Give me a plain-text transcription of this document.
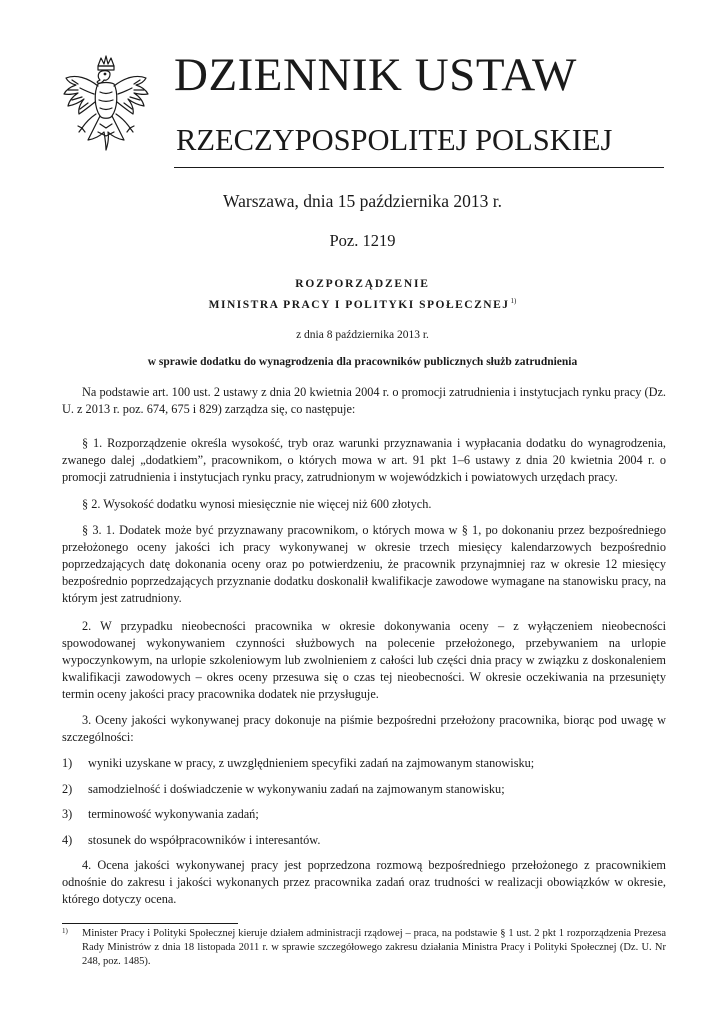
DZIENNIK USTAW
RZECZYPOSPOLITEJ POLSKIEJ
Warszawa, dnia 15 października 2013 r.
Poz. 1219
ROZPORZĄDZENIE
MINISTRA PRACY I POLITYKI SPOŁECZNEJ$^{1)}$
z dnia 8 października 2013 r.
w sprawie dodatku do wynagrodzenia dla pracowników publicznych służb zatrudnienia

Na podstawie art. 100 ust. 2 ustawy z dnia 20 kwietnia 2004 r. o promocji zatrudnienia i instytucjach rynku pracy (Dz. U. z 2013 r. poz. 674, 675 i 829) zarządza się, co następuje:

§ 1. Rozporządzenie określa wysokość, tryb oraz warunki przyznawania i wypłacania dodatku do wynagrodzenia, zwanego dalej „dodatkiem”, pracownikom, o których mowa w art. 91 pkt 1–6 ustawy z dnia 20 kwietnia 2004 r. o promocji zatrudnienia i instytucjach rynku pracy, zatrudnionym w wojewódzkich i powiatowych urzędach pracy.

§ 2. Wysokość dodatku wynosi miesięcznie nie więcej niż 600 złotych.

§ 3. 1. Dodatek może być przyznawany pracownikom, o których mowa w § 1, po dokonaniu przez bezpośredniego przełożonego oceny jakości ich pracy wykonywanej w okresie trzech miesięcy kalendarzowych bezpośrednio poprzedzających datę dokonania oceny oraz po potwierdzeniu, że pracownik przynajmniej raz w okresie 12 miesięcy bezpośrednio poprzedzających przyznanie dodatku doskonalił kwalifikacje zawodowe wymagane na stanowisku pracy, na którym jest zatrudniony.

2. W przypadku nieobecności pracownika w okresie dokonywania oceny – z wyłączeniem nieobecności spowodowanej wykonywaniem czynności służbowych na polecenie przełożonego, przebywaniem na urlopie wypoczynkowym, na urlopie szkoleniowym lub zwolnieniem z całości lub części dnia pracy w związku z doskonaleniem kwalifikacji zawodowych – okres oceny przesuwa się o czas tej nieobecności. W okresie oczekiwania na przesunięty termin oceny jakości pracy pracownika dodatek nie przysługuje.

3. Oceny jakości wykonywanej pracy dokonuje na piśmie bezpośredni przełożony pracownika, biorąc pod uwagę w szczególności:

1) wyniki uzyskane w pracy, z uwzględnieniem specyfiki zadań na zajmowanym stanowisku;
2) samodzielność i doświadczenie w wykonywaniu zadań na zajmowanym stanowisku;
3) terminowość wykonywania zadań;
4) stosunek do współpracowników i interesantów.

4. Ocena jakości wykonywanej pracy jest poprzedzona rozmową bezpośredniego przełożonego z pracownikiem odnośnie do zakresu i jakości wykonanych przez pracownika zadań oraz trudności w realizacji obowiązków w okresie, którego dotyczy ocena.

1) Minister Pracy i Polityki Społecznej kieruje działem administracji rządowej – praca, na podstawie § 1 ust. 2 pkt 1 rozporządzenia Prezesa Rady Ministrów z dnia 18 listopada 2011 r. w sprawie szczegółowego zakresu działania Ministra Pracy i Polityki Społecznej (Dz. U. Nr 248, poz. 1485).
